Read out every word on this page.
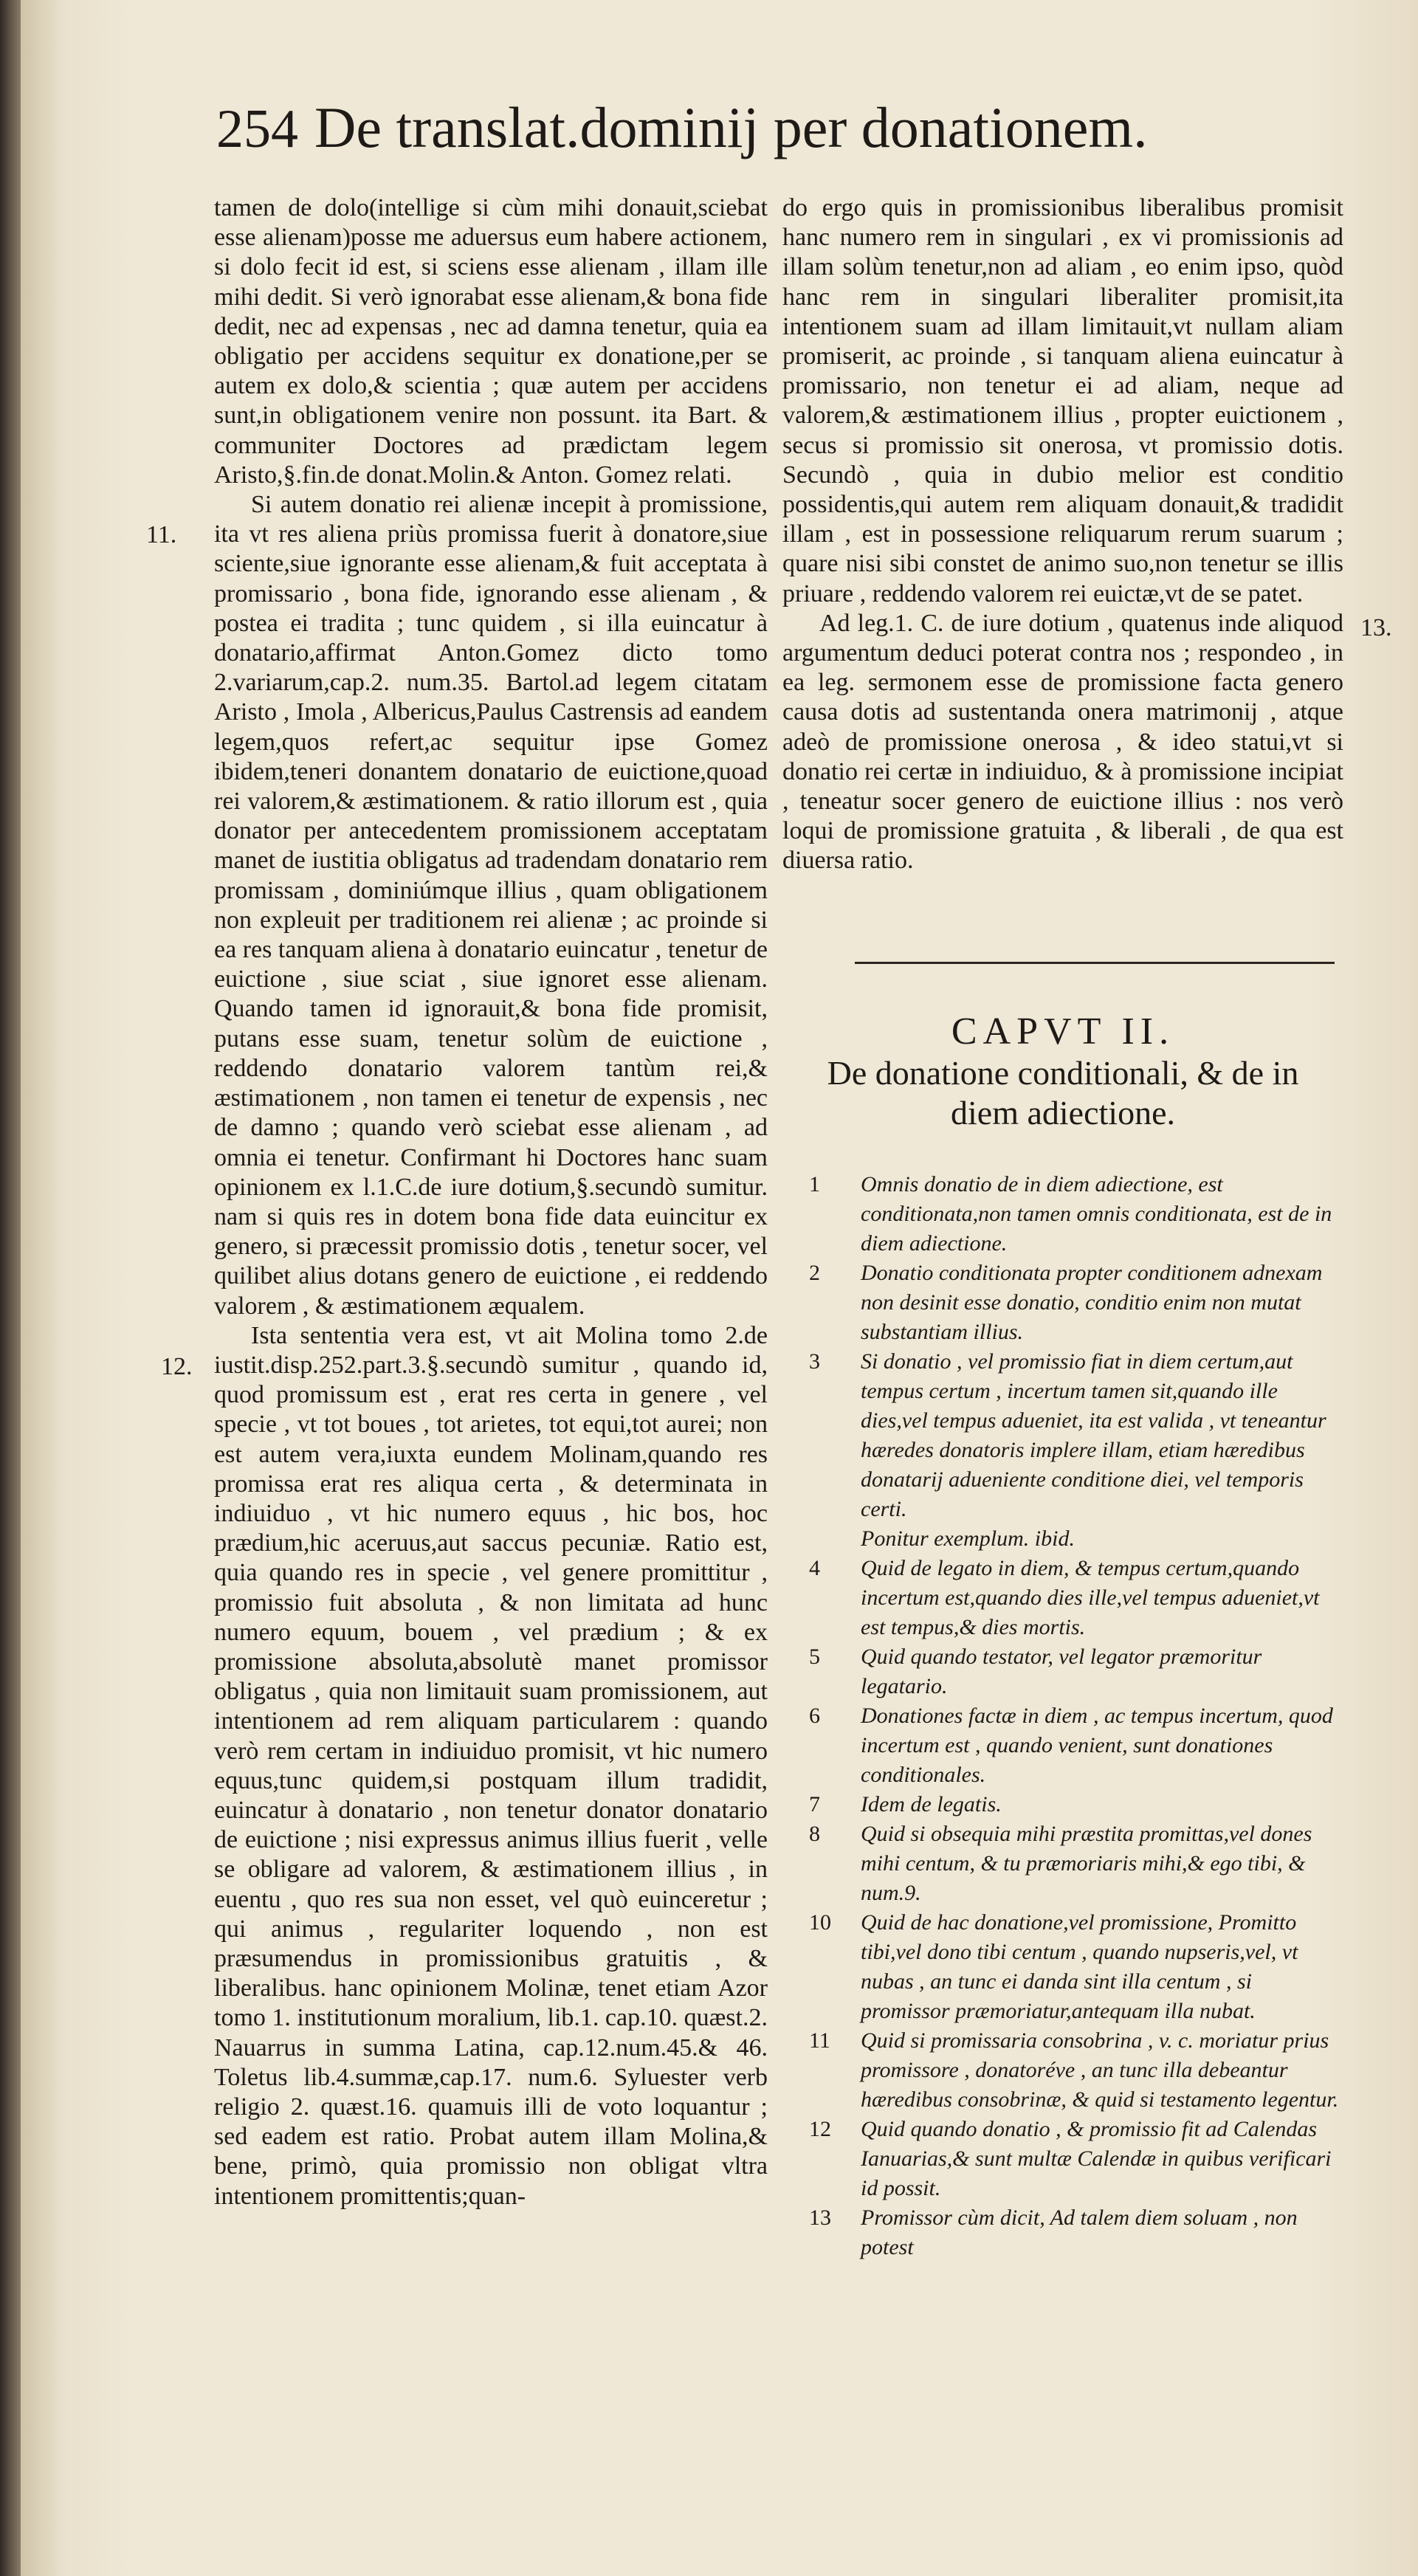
254 De translat.dominij per donationem.
11.
12.
13.

tamen de dolo(intellige si cùm mihi donauit,sciebat esse alienam)posse me aduersus eum habere actionem, si dolo fecit id est, si sciens esse alienam , illam ille mihi dedit. Si verò ignorabat esse alienam,& bona fide dedit, nec ad expensas , nec ad damna tenetur, quia ea obligatio per accidens sequitur ex donatione,per se autem ex dolo,& scientia ; quæ autem per accidens sunt,in obligationem venire non possunt. ita Bart. & communiter Doctores ad prædictam legem Aristo,§.fin.de donat.Molin.& Anton. Gomez relati.

Si autem donatio rei alienæ incepit à promissione, ita vt res aliena priùs promissa fuerit à donatore,siue sciente,siue ignorante esse alienam,& fuit acceptata à promissario , bona fide, ignorando esse alienam , & postea ei tradita ; tunc quidem , si illa euincatur à donatario,affirmat Anton.Gomez dicto tomo 2.variarum,cap.2. num.35. Bartol.ad legem citatam Aristo , Imola , Albericus,Paulus Castrensis ad eandem legem,quos refert,ac sequitur ipse Gomez ibidem,teneri donantem donatario de euictione,quoad rei valorem,& æstimationem. & ratio illorum est , quia donator per antecedentem promissionem acceptatam manet de iustitia obligatus ad tradendam donatario rem promissam , dominiúmque illius , quam obligationem non expleuit per traditionem rei alienæ ; ac proinde si ea res tanquam aliena à donatario euincatur , tenetur de euictione , siue sciat , siue ignoret esse alienam. Quando tamen id ignorauit,& bona fide promisit, putans esse suam, tenetur solùm de euictione , reddendo donatario valorem tantùm rei,& æstimationem , non tamen ei tenetur de expensis , nec de damno ; quando verò sciebat esse alienam , ad omnia ei tenetur. Confirmant hi Doctores hanc suam opinionem ex l.1.C.de iure dotium,§.secundò sumitur. nam si quis res in dotem bona fide data euincitur ex genero, si præcessit promissio dotis , tenetur socer, vel quilibet alius dotans genero de euictione , ei reddendo valorem , & æstimationem æqualem.

Ista sententia vera est, vt ait Molina tomo 2.de iustit.disp.252.part.3.§.secundò sumitur , quando id, quod promissum est , erat res certa in genere , vel specie , vt tot boues , tot arietes, tot equi,tot aurei; non est autem vera,iuxta eundem Molinam,quando res promissa erat res aliqua certa , & determinata in indiuiduo , vt hic numero equus , hic bos, hoc prædium,hic aceruus,aut saccus pecuniæ. Ratio est, quia quando res in specie , vel genere promittitur , promissio fuit absoluta , & non limitata ad hunc numero equum, bouem , vel prædium ; & ex promissione absoluta,absolutè manet promissor obligatus , quia non limitauit suam promissionem, aut intentionem ad rem aliquam particularem : quando verò rem certam in indiuiduo promisit, vt hic numero equus,tunc quidem,si postquam illum tradidit, euincatur à donatario , non tenetur donator donatario de euictione ; nisi expressus animus illius fuerit , velle se obligare ad valorem, & æstimationem illius , in euentu , quo res sua non esset, vel quò euinceretur ; qui animus , regulariter loquendo , non est præsumendus in promissionibus gratuitis , & liberalibus. hanc opinionem Molinæ, tenet etiam Azor tomo 1. institutionum moralium, lib.1. cap.10. quæst.2. Nauarrus in summa Latina, cap.12.num.45.& 46. Toletus lib.4.summæ,cap.17. num.6. Syluester verb religio 2. quæst.16. quamuis illi de voto loquantur ; sed eadem est ratio. Probat autem illam Molina,& bene, primò, quia promissio non obligat vltra intentionem promittentis;quan-

do ergo quis in promissionibus liberalibus promisit hanc numero rem in singulari , ex vi promissionis ad illam solùm tenetur,non ad aliam , eo enim ipso, quòd hanc rem in singulari liberaliter promisit,ita intentionem suam ad illam limitauit,vt nullam aliam promiserit, ac proinde , si tanquam aliena euincatur à promissario, non tenetur ei ad aliam, neque ad valorem,& æstimationem illius , propter euictionem , secus si promissio sit onerosa, vt promissio dotis. Secundò , quia in dubio melior est conditio possidentis,qui autem rem aliquam donauit,& tradidit illam , est in possessione reliquarum rerum suarum ; quare nisi sibi constet de animo suo,non tenetur se illis priuare , reddendo valorem rei euictæ,vt de se patet.

Ad leg.1. C. de iure dotium , quatenus inde aliquod argumentum deduci poterat contra nos ; respondeo , in ea leg. sermonem esse de promissione facta genero causa dotis ad sustentanda onera matrimonij , atque adeò de promissione onerosa , & ideo statui,vt si donatio rei certæ in indiuiduo, & à promissione incipiat , teneatur socer genero de euictione illius : nos verò loqui de promissione gratuita , & liberali , de qua est diuersa ratio.

CAPVT II.
De donatione conditionali, & de in diem adiectione.
1 Omnis donatio de in diem adiectione, est conditionata,non tamen omnis conditionata, est de in diem adiectione.
2 Donatio conditionata propter conditionem adnexam non desinit esse donatio, conditio enim non mutat substantiam illius.
3 Si donatio , vel promissio fiat in diem certum,aut tempus certum , incertum tamen sit,quando ille dies,vel tempus adueniet, ita est valida , vt teneantur hæredes donatoris implere illam, etiam hæredibus donatarij adueniente conditione diei, vel temporis certi.
Ponitur exemplum. ibid.
4 Quid de legato in diem, & tempus certum,quando incertum est,quando dies ille,vel tempus adueniet,vt est tempus,& dies mortis.
5 Quid quando testator, vel legator præmoritur legatario.
6 Donationes factæ in diem , ac tempus incertum, quod incertum est , quando venient, sunt donationes conditionales.
7 Idem de legatis.
8 Quid si obsequia mihi præstita promittas,vel dones mihi centum, & tu præmoriaris mihi,& ego tibi, & num.9.
10 Quid de hac donatione,vel promissione, Promitto tibi,vel dono tibi centum , quando nupseris,vel, vt nubas , an tunc ei danda sint illa centum , si promissor præmoriatur,antequam illa nubat.
11 Quid si promissaria consobrina , v. c. moriatur prius promissore , donatoréve , an tunc illa debeantur hæredibus consobrinæ, & quid si testamento legentur.
12 Quid quando donatio , & promissio fit ad Calendas Ianuarias,& sunt multæ Calendæ in quibus verificari id possit.
13 Promissor cùm dicit, Ad talem diem soluam , non potest
